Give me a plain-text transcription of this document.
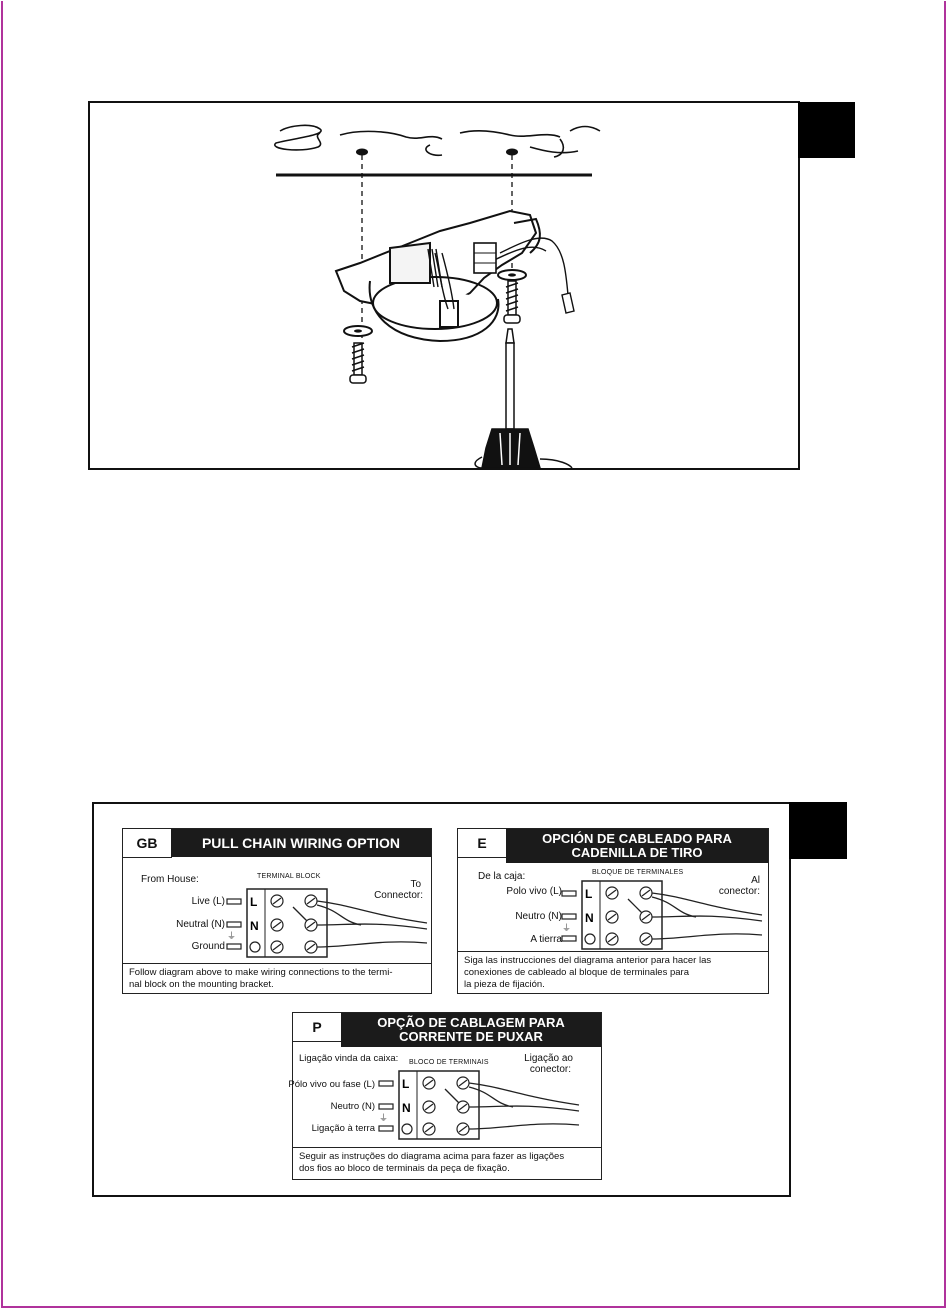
GB	PULL CHAIN WIRING OPTION
From House:	TERMINAL BLOCK
To
Connector:
Live (L)
Neutral (N)
Ground
⏚
L
N
Follow diagram above to make wiring connections to the termi-
nal block on the mounting bracket.
E	OPCIÓN DE CABLEADO PARA
CADENILLA DE TIRO
De la caja:	BLOQUE DE TERMINALES
Al
conector:
Polo vivo (L)
Neutro (N)
A tierra
⏚
L
N
Siga las instrucciones del diagrama anterior para hacer las
conexiones de cableado al bloque de terminales para
la pieza de fijación.
P	OPÇÃO DE CABLAGEM PARA
CORRENTE DE PUXAR
Ligação vinda da caixa: BLOCO DE TERMINAIS	Ligação ao
conector:
Pólo vivo ou fase (L)
Neutro (N)
Ligação à terra
⏚
L
N
Seguir as instruções do diagrama acima para fazer as ligações
dos fios ao bloco de terminais da peça de fixação.
